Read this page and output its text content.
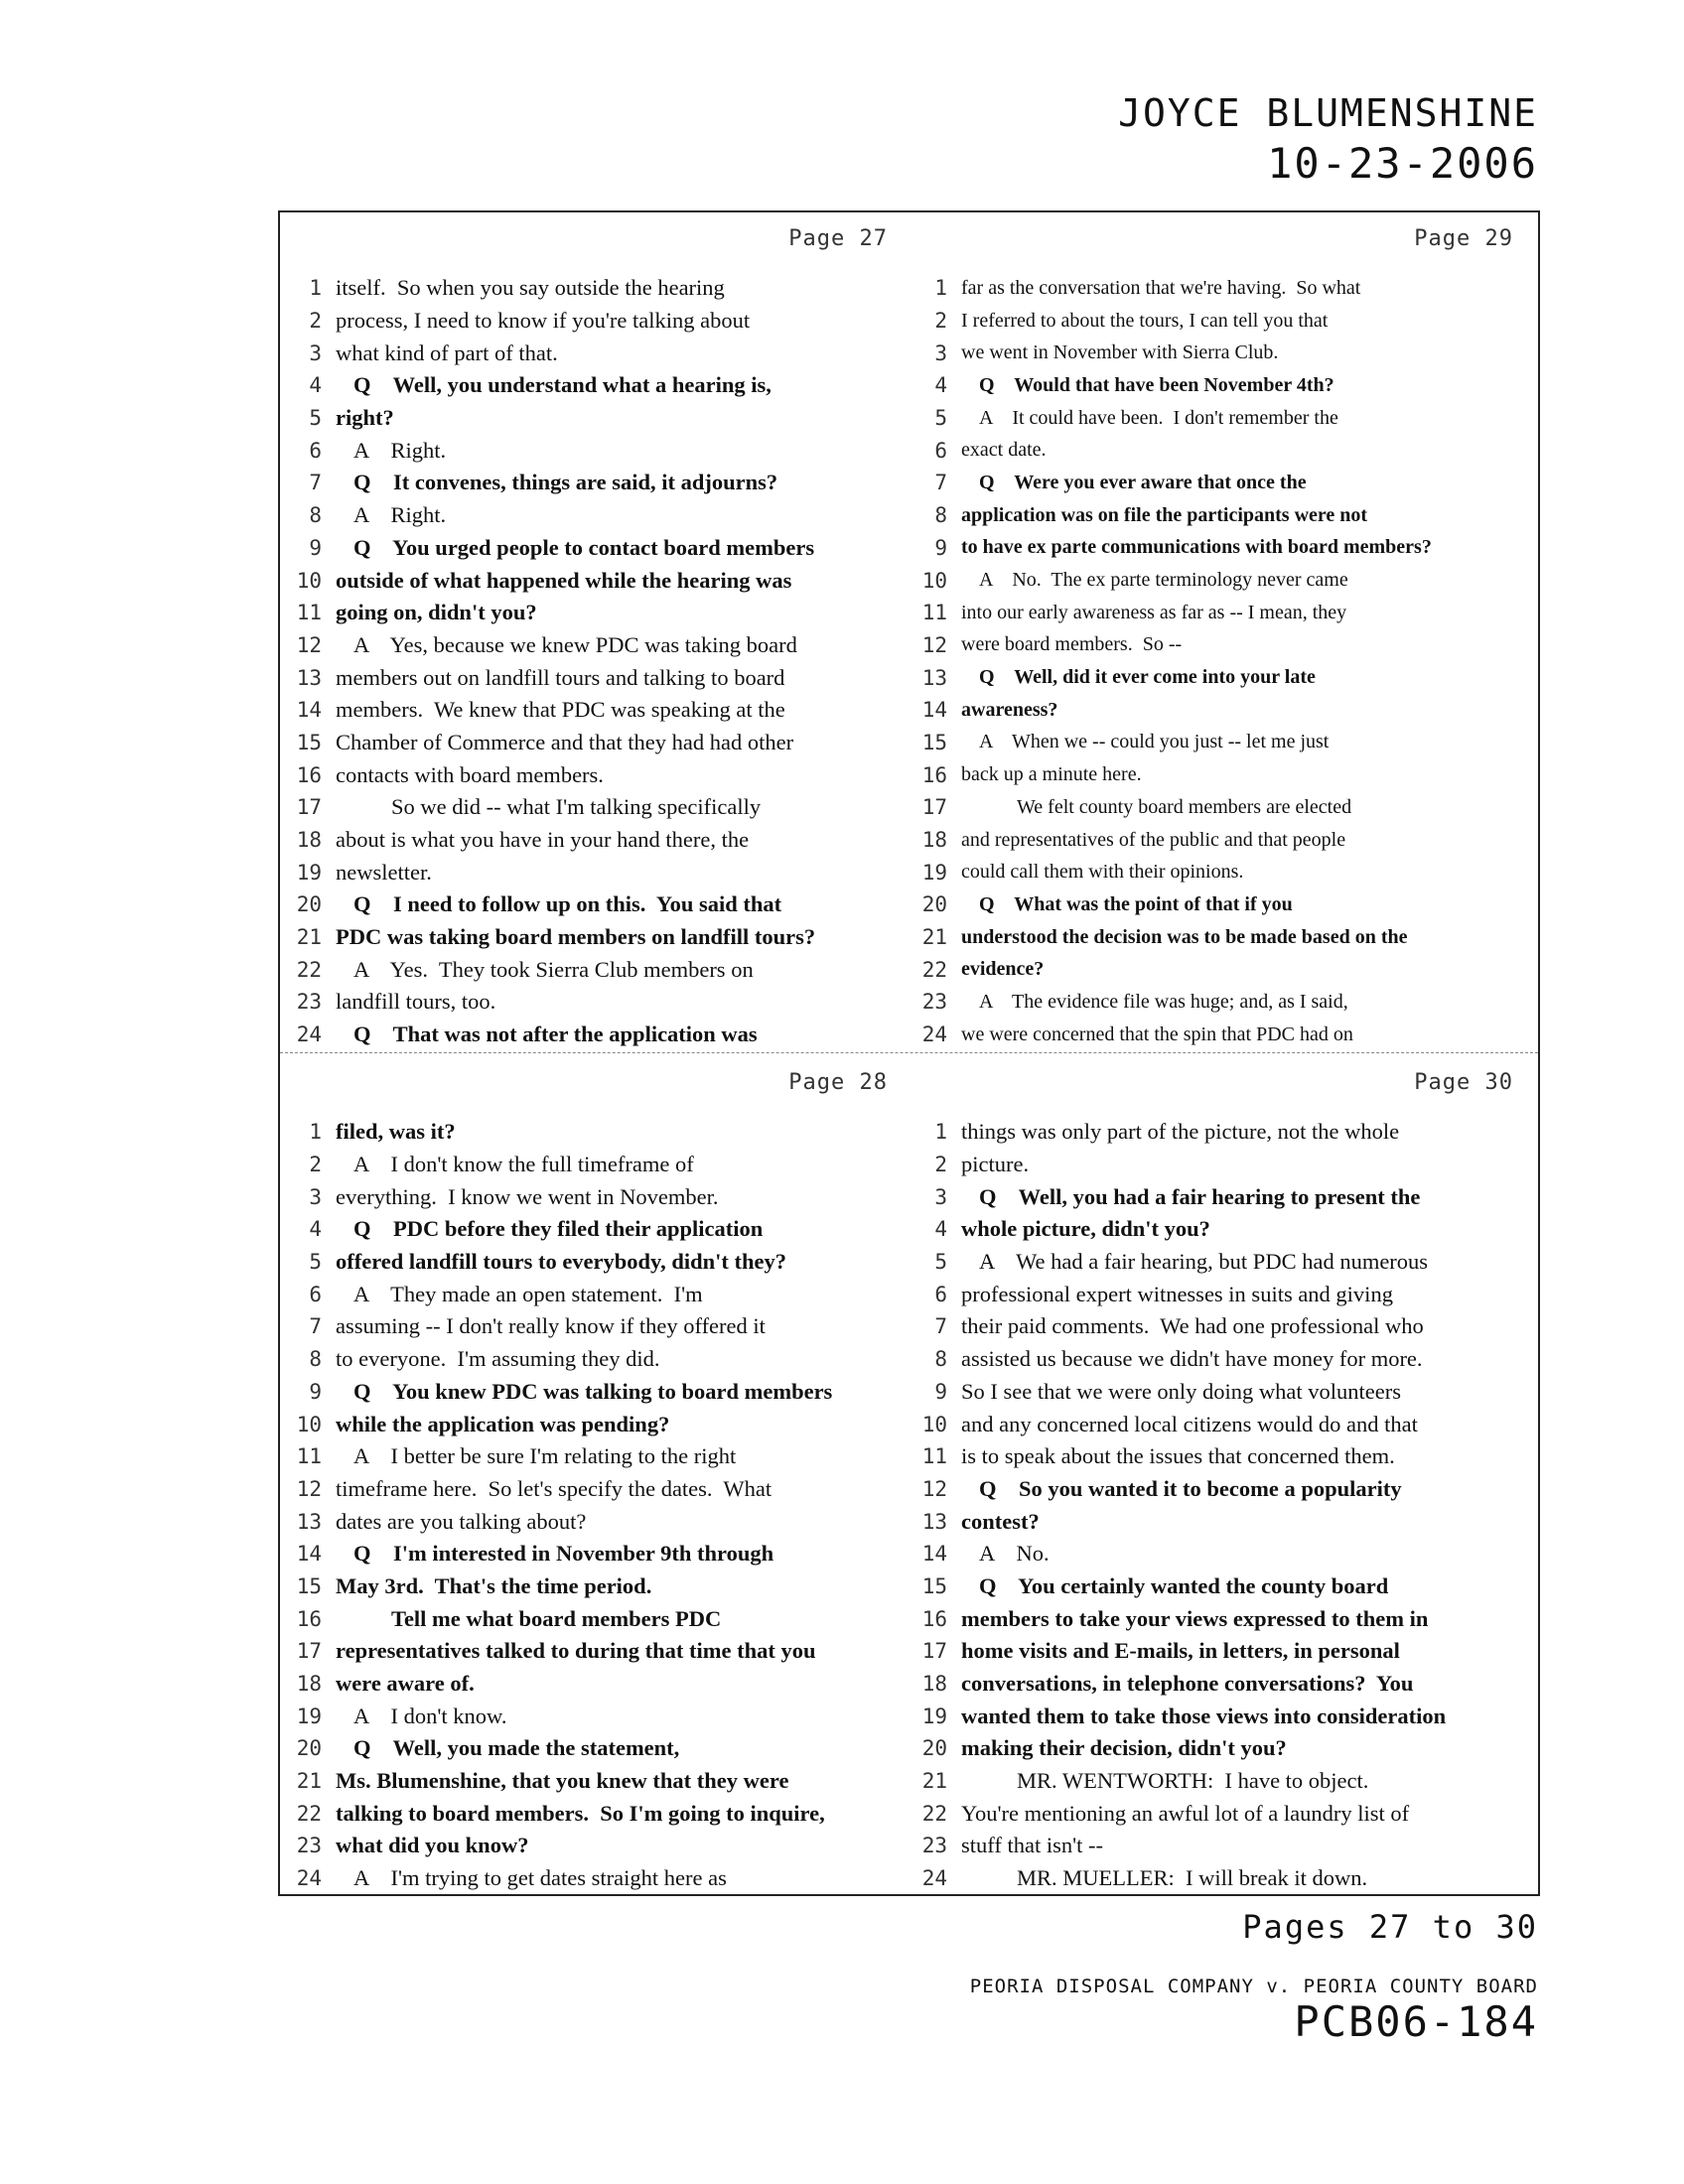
JOYCE BLUMENSHINE
10-23-2006
Page 27
1 itself.  So when you say outside the hearing
2 process, I need to know if you're talking about
3 what kind of part of that.
4	Q    Well, you understand what a hearing is,
5 right?
6	A    Right.
7	Q    It convenes, things are said, it adjourns?
8	A    Right.
9	Q    You urged people to contact board members
10 outside of what happened while the hearing was
11 going on, didn't you?
12	A    Yes, because we knew PDC was taking board
13 members out on landfill tours and talking to board
14 members.  We knew that PDC was speaking at the
15 Chamber of Commerce and that they had had other
16 contacts with board members.
17	So we did -- what I'm talking specifically
18 about is what you have in your hand there, the
19 newsletter.
20	Q    I need to follow up on this.  You said that
21 PDC was taking board members on landfill tours?
22	A    Yes.  They took Sierra Club members on
23 landfill tours, too.
24	Q    That was not after the application was
Page 29
1 far as the conversation that we're having.  So what
2 I referred to about the tours, I can tell you that
3 we went in November with Sierra Club.
4	Q    Would that have been November 4th?
5	A    It could have been.  I don't remember the
6 exact date.
7	Q    Were you ever aware that once the
8 application was on file the participants were not
9 to have ex parte communications with board members?
10	A    No.  The ex parte terminology never came
11 into our early awareness as far as -- I mean, they
12 were board members.  So --
13	Q    Well, did it ever come into your late
14 awareness?
15	A    When we -- could you just -- let me just
16 back up a minute here.
17	We felt county board members are elected
18 and representatives of the public and that people
19 could call them with their opinions.
20	Q    What was the point of that if you
21 understood the decision was to be made based on the
22 evidence?
23	A    The evidence file was huge; and, as I said,
24 we were concerned that the spin that PDC had on
Page 28
1 filed, was it?
2	A    I don't know the full timeframe of
3 everything.  I know we went in November.
4	Q    PDC before they filed their application
5 offered landfill tours to everybody, didn't they?
6	A    They made an open statement.  I'm
7 assuming -- I don't really know if they offered it
8 to everyone.  I'm assuming they did.
9	Q    You knew PDC was talking to board members
10 while the application was pending?
11	A    I better be sure I'm relating to the right
12 timeframe here.  So let's specify the dates.  What
13 dates are you talking about?
14	Q    I'm interested in November 9th through
15 May 3rd.  That's the time period.
16	Tell me what board members PDC
17 representatives talked to during that time that you
18 were aware of.
19	A    I don't know.
20	Q    Well, you made the statement,
21 Ms. Blumenshine, that you knew that they were
22 talking to board members.  So I'm going to inquire,
23 what did you know?
24	A    I'm trying to get dates straight here as
Page 30
1 things was only part of the picture, not the whole
2 picture.
3	Q    Well, you had a fair hearing to present the
4 whole picture, didn't you?
5	A    We had a fair hearing, but PDC had numerous
6 professional expert witnesses in suits and giving
7 their paid comments.  We had one professional who
8 assisted us because we didn't have money for more.
9 So I see that we were only doing what volunteers
10 and any concerned local citizens would do and that
11 is to speak about the issues that concerned them.
12	Q    So you wanted it to become a popularity
13 contest?
14	A    No.
15	Q    You certainly wanted the county board
16 members to take your views expressed to them in
17 home visits and E-mails, in letters, in personal
18 conversations, in telephone conversations?  You
19 wanted them to take those views into consideration
20 making their decision, didn't you?
21	MR. WENTWORTH:  I have to object.
22 You're mentioning an awful lot of a laundry list of
23 stuff that isn't --
24	MR. MUELLER:  I will break it down.
Pages 27 to 30
PEORIA DISPOSAL COMPANY v. PEORIA COUNTY BOARD
PCB06-184
